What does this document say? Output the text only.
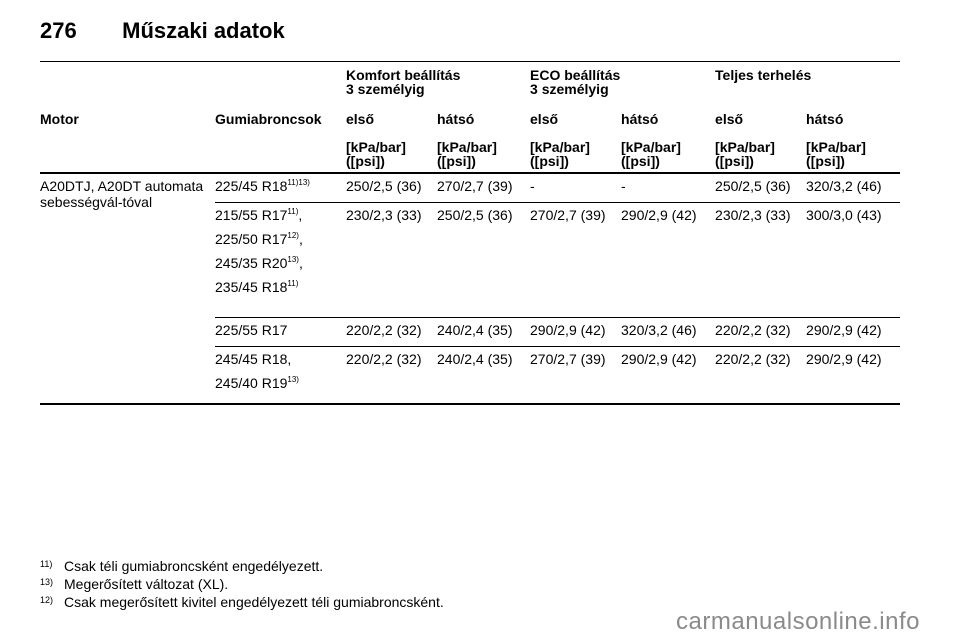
276 Műszaki adatok
		Komfort beállítás
3 személyig		ECO beállítás
3 személyig		Teljes terhelés	
Motor	Gumiabroncsok	első	hátsó	első	hátsó	első	hátsó
		[kPa/bar]
([psi])	[kPa/bar]
([psi])	[kPa/bar]
([psi])	[kPa/bar]
([psi])	[kPa/bar]
([psi])	[kPa/bar]
([psi])
A20DTJ, A20DT automata sebességvál-tóval	225/45 $R18^{11)13)}$	250/2,5 (36)	270/2,7 (39)	-	-	250/2,5 (36)	320/3,2 (46)

	215/55 R17$^{11)}$,
225/50 R17$^{12)}$,
245/35 R20$^{13)}$,
235/45 R18$^{11)}$	230/2,3 (33)	250/2,5 (36)	270/2,7 (39)	290/2,9 (42)	230/2,3 (33)	300/3,0 (43)

	225/55 R17	220/2,2 (32)	240/2,4 (35)	290/2,9 (42)	320/3,2 (46)	220/2,2 (32)	290/2,9 (42)

	245/45 R18,
245/40 R19$^{13)}$	220/2,2 (32)	240/2,4 (35)	270/2,7 (39)	290/2,9 (42)	220/2,2 (32)	290/2,9 (42)
11) Csak téli gumiabroncsként engedélyezett.
13) Megerősített változat (XL).
12) Csak megerősített kivitel engedélyezett téli gumiabroncsként.
carmanualsonline.info
